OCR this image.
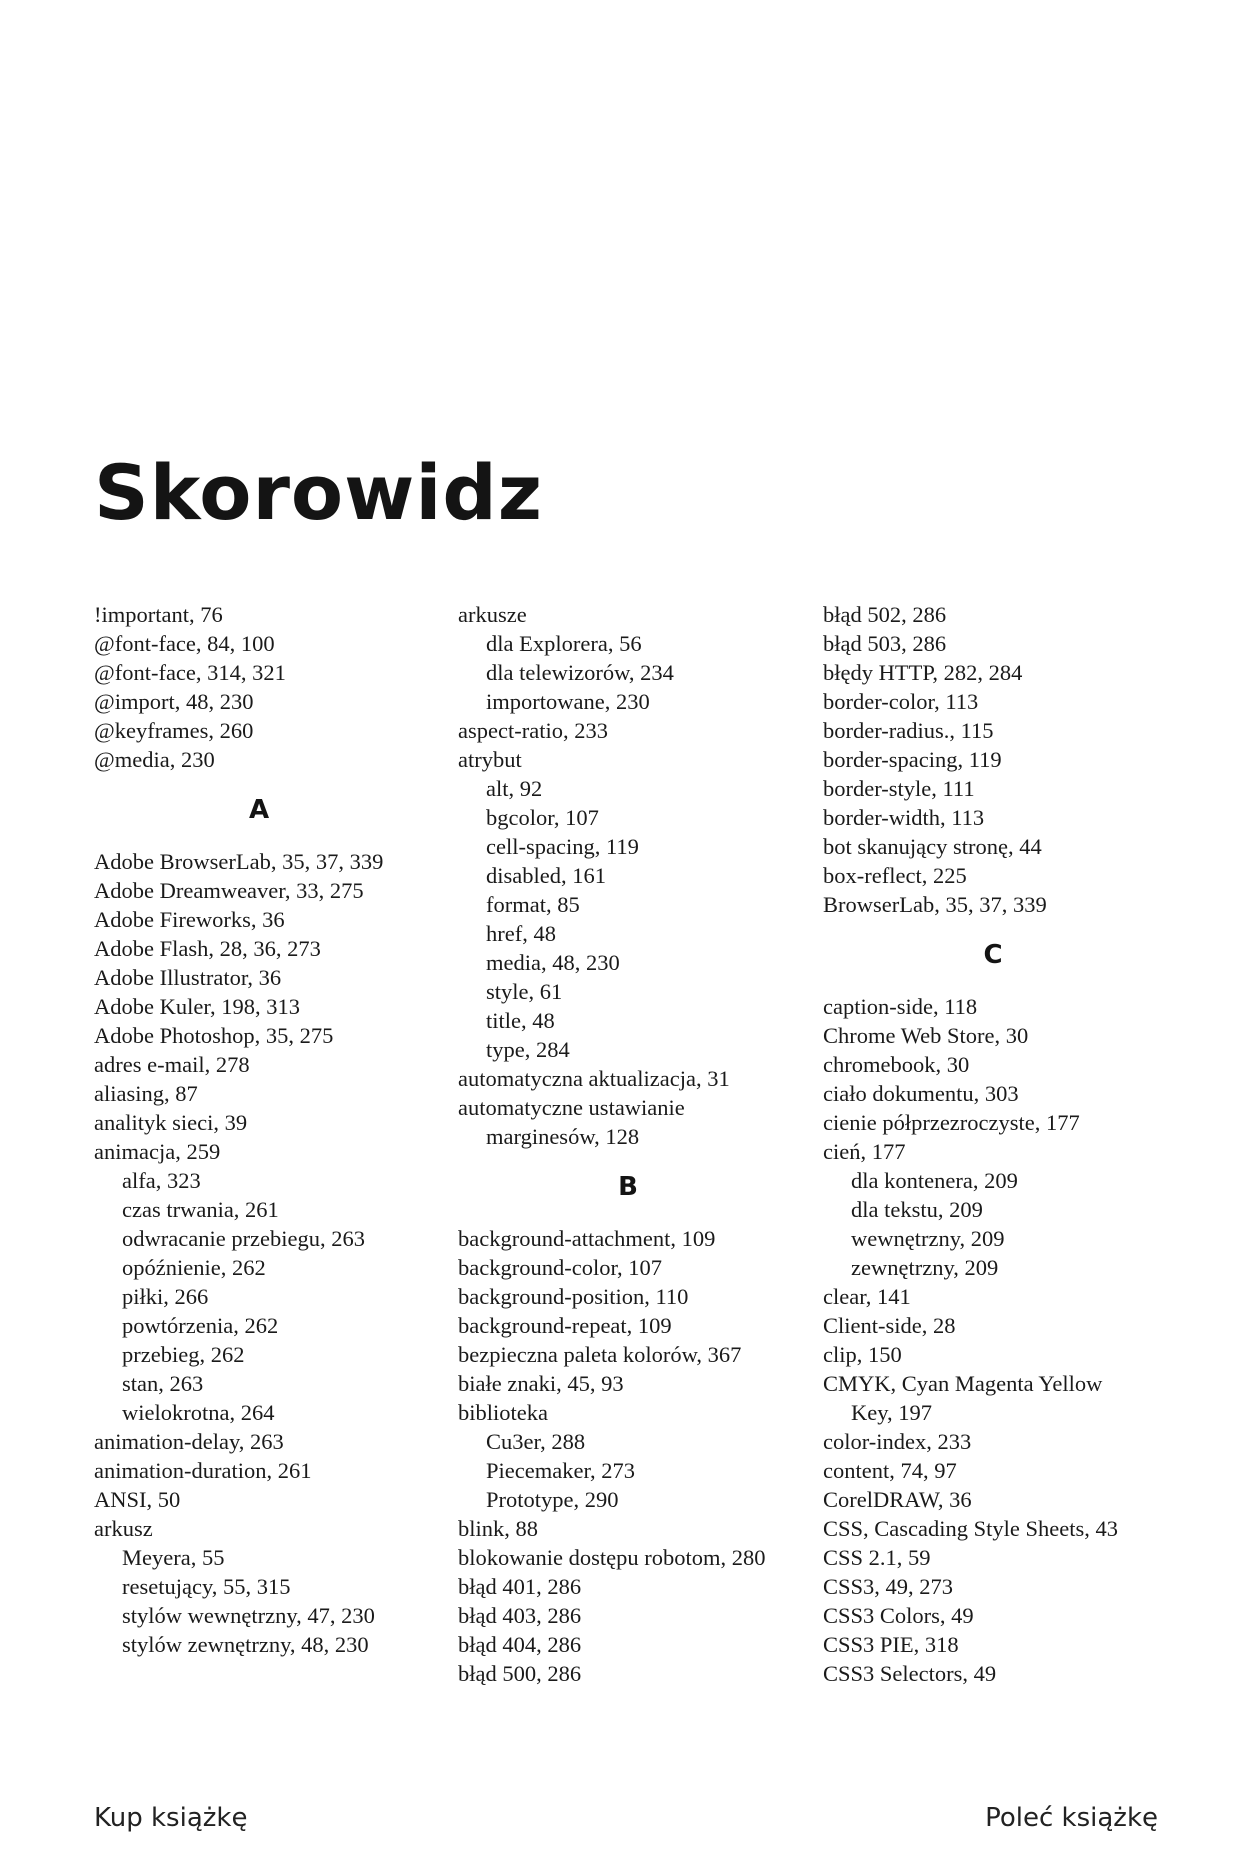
Skorowidz
!important, 76
@font-face, 84, 100
@font-face, 314, 321
@import, 48, 230
@keyframes, 260
@media, 230
A
Adobe BrowserLab, 35, 37, 339
Adobe Dreamweaver, 33, 275
Adobe Fireworks, 36
Adobe Flash, 28, 36, 273
Adobe Illustrator, 36
Adobe Kuler, 198, 313
Adobe Photoshop, 35, 275
adres e-mail, 278
aliasing, 87
analityk sieci, 39
animacja, 259
alfa, 323
czas trwania, 261
odwracanie przebiegu, 263
opóźnienie, 262
piłki, 266
powtórzenia, 262
przebieg, 262
stan, 263
wielokrotna, 264
animation-delay, 263
animation-duration, 261
ANSI, 50
arkusz
Meyera, 55
resetujący, 55, 315
stylów wewnętrzny, 47, 230
stylów zewnętrzny, 48, 230
arkusze
dla Explorera, 56
dla telewizorów, 234
importowane, 230
aspect-ratio, 233
atrybut
alt, 92
bgcolor, 107
cell-spacing, 119
disabled, 161
format, 85
href, 48
media, 48, 230
style, 61
title, 48
type, 284
automatyczna aktualizacja, 31
automatyczne ustawianie
marginesów, 128
B
background-attachment, 109
background-color, 107
background-position, 110
background-repeat, 109
bezpieczna paleta kolorów, 367
białe znaki, 45, 93
biblioteka
Cu3er, 288
Piecemaker, 273
Prototype, 290
blink, 88
blokowanie dostępu robotom, 280
błąd 401, 286
błąd 403, 286
błąd 404, 286
błąd 500, 286
błąd 502, 286
błąd 503, 286
błędy HTTP, 282, 284
border-color, 113
border-radius., 115
border-spacing, 119
border-style, 111
border-width, 113
bot skanujący stronę, 44
box-reflect, 225
BrowserLab, 35, 37, 339
C
caption-side, 118
Chrome Web Store, 30
chromebook, 30
ciało dokumentu, 303
cienie półprzezroczyste, 177
cień, 177
dla kontenera, 209
dla tekstu, 209
wewnętrzny, 209
zewnętrzny, 209
clear, 141
Client-side, 28
clip, 150
CMYK, Cyan Magenta Yellow
Key, 197
color-index, 233
content, 74, 97
CorelDRAW, 36
CSS, Cascading Style Sheets, 43
CSS 2.1, 59
CSS3, 49, 273
CSS3 Colors, 49
CSS3 PIE, 318
CSS3 Selectors, 49
Kup książkę	Poleć książkę
